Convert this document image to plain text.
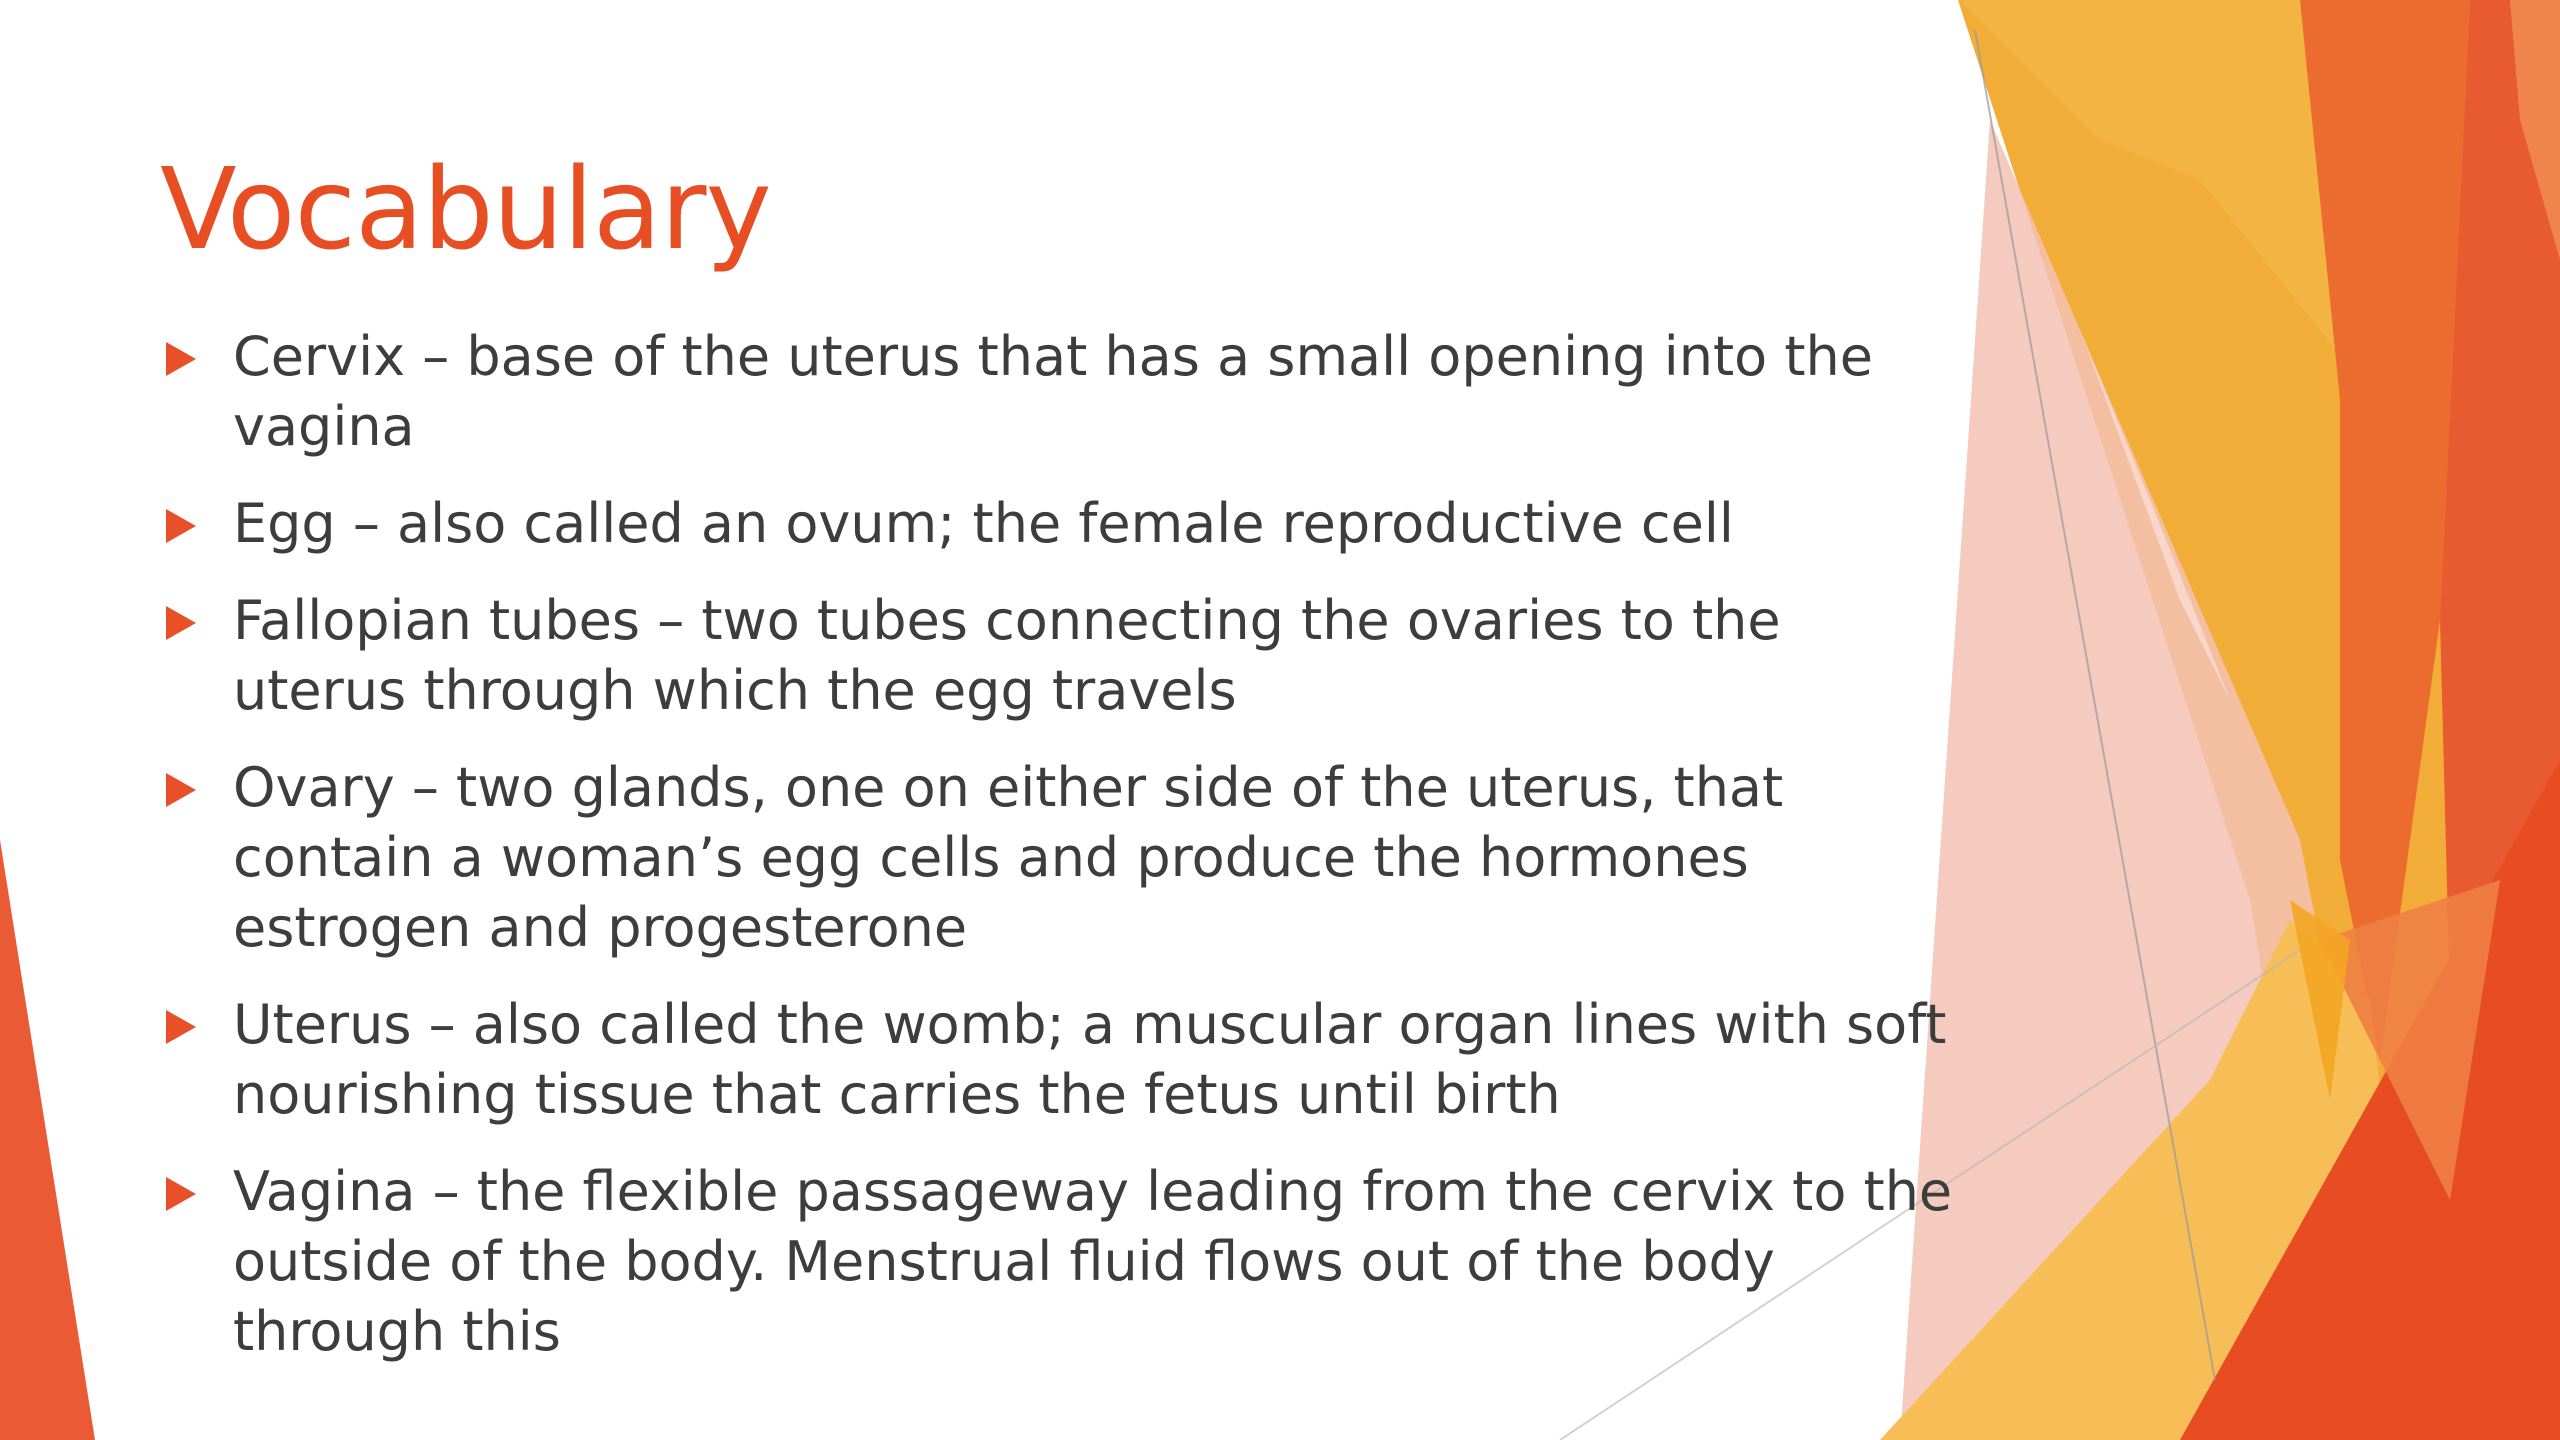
Vocabulary
Cervix – base of the uterus that has a small opening into the vagina
Egg – also called an ovum; the female reproductive cell
Fallopian tubes – two tubes connecting the ovaries to the uterus through which the egg travels
Ovary – two glands, one on either side of the uterus, that contain a woman’s egg cells and produce the hormones estrogen and progesterone
Uterus – also called the womb; a muscular organ lines with soft nourishing tissue that carries the fetus until birth
Vagina – the flexible passageway leading from the cervix to the outside of the body. Menstrual fluid flows out of the body through this
